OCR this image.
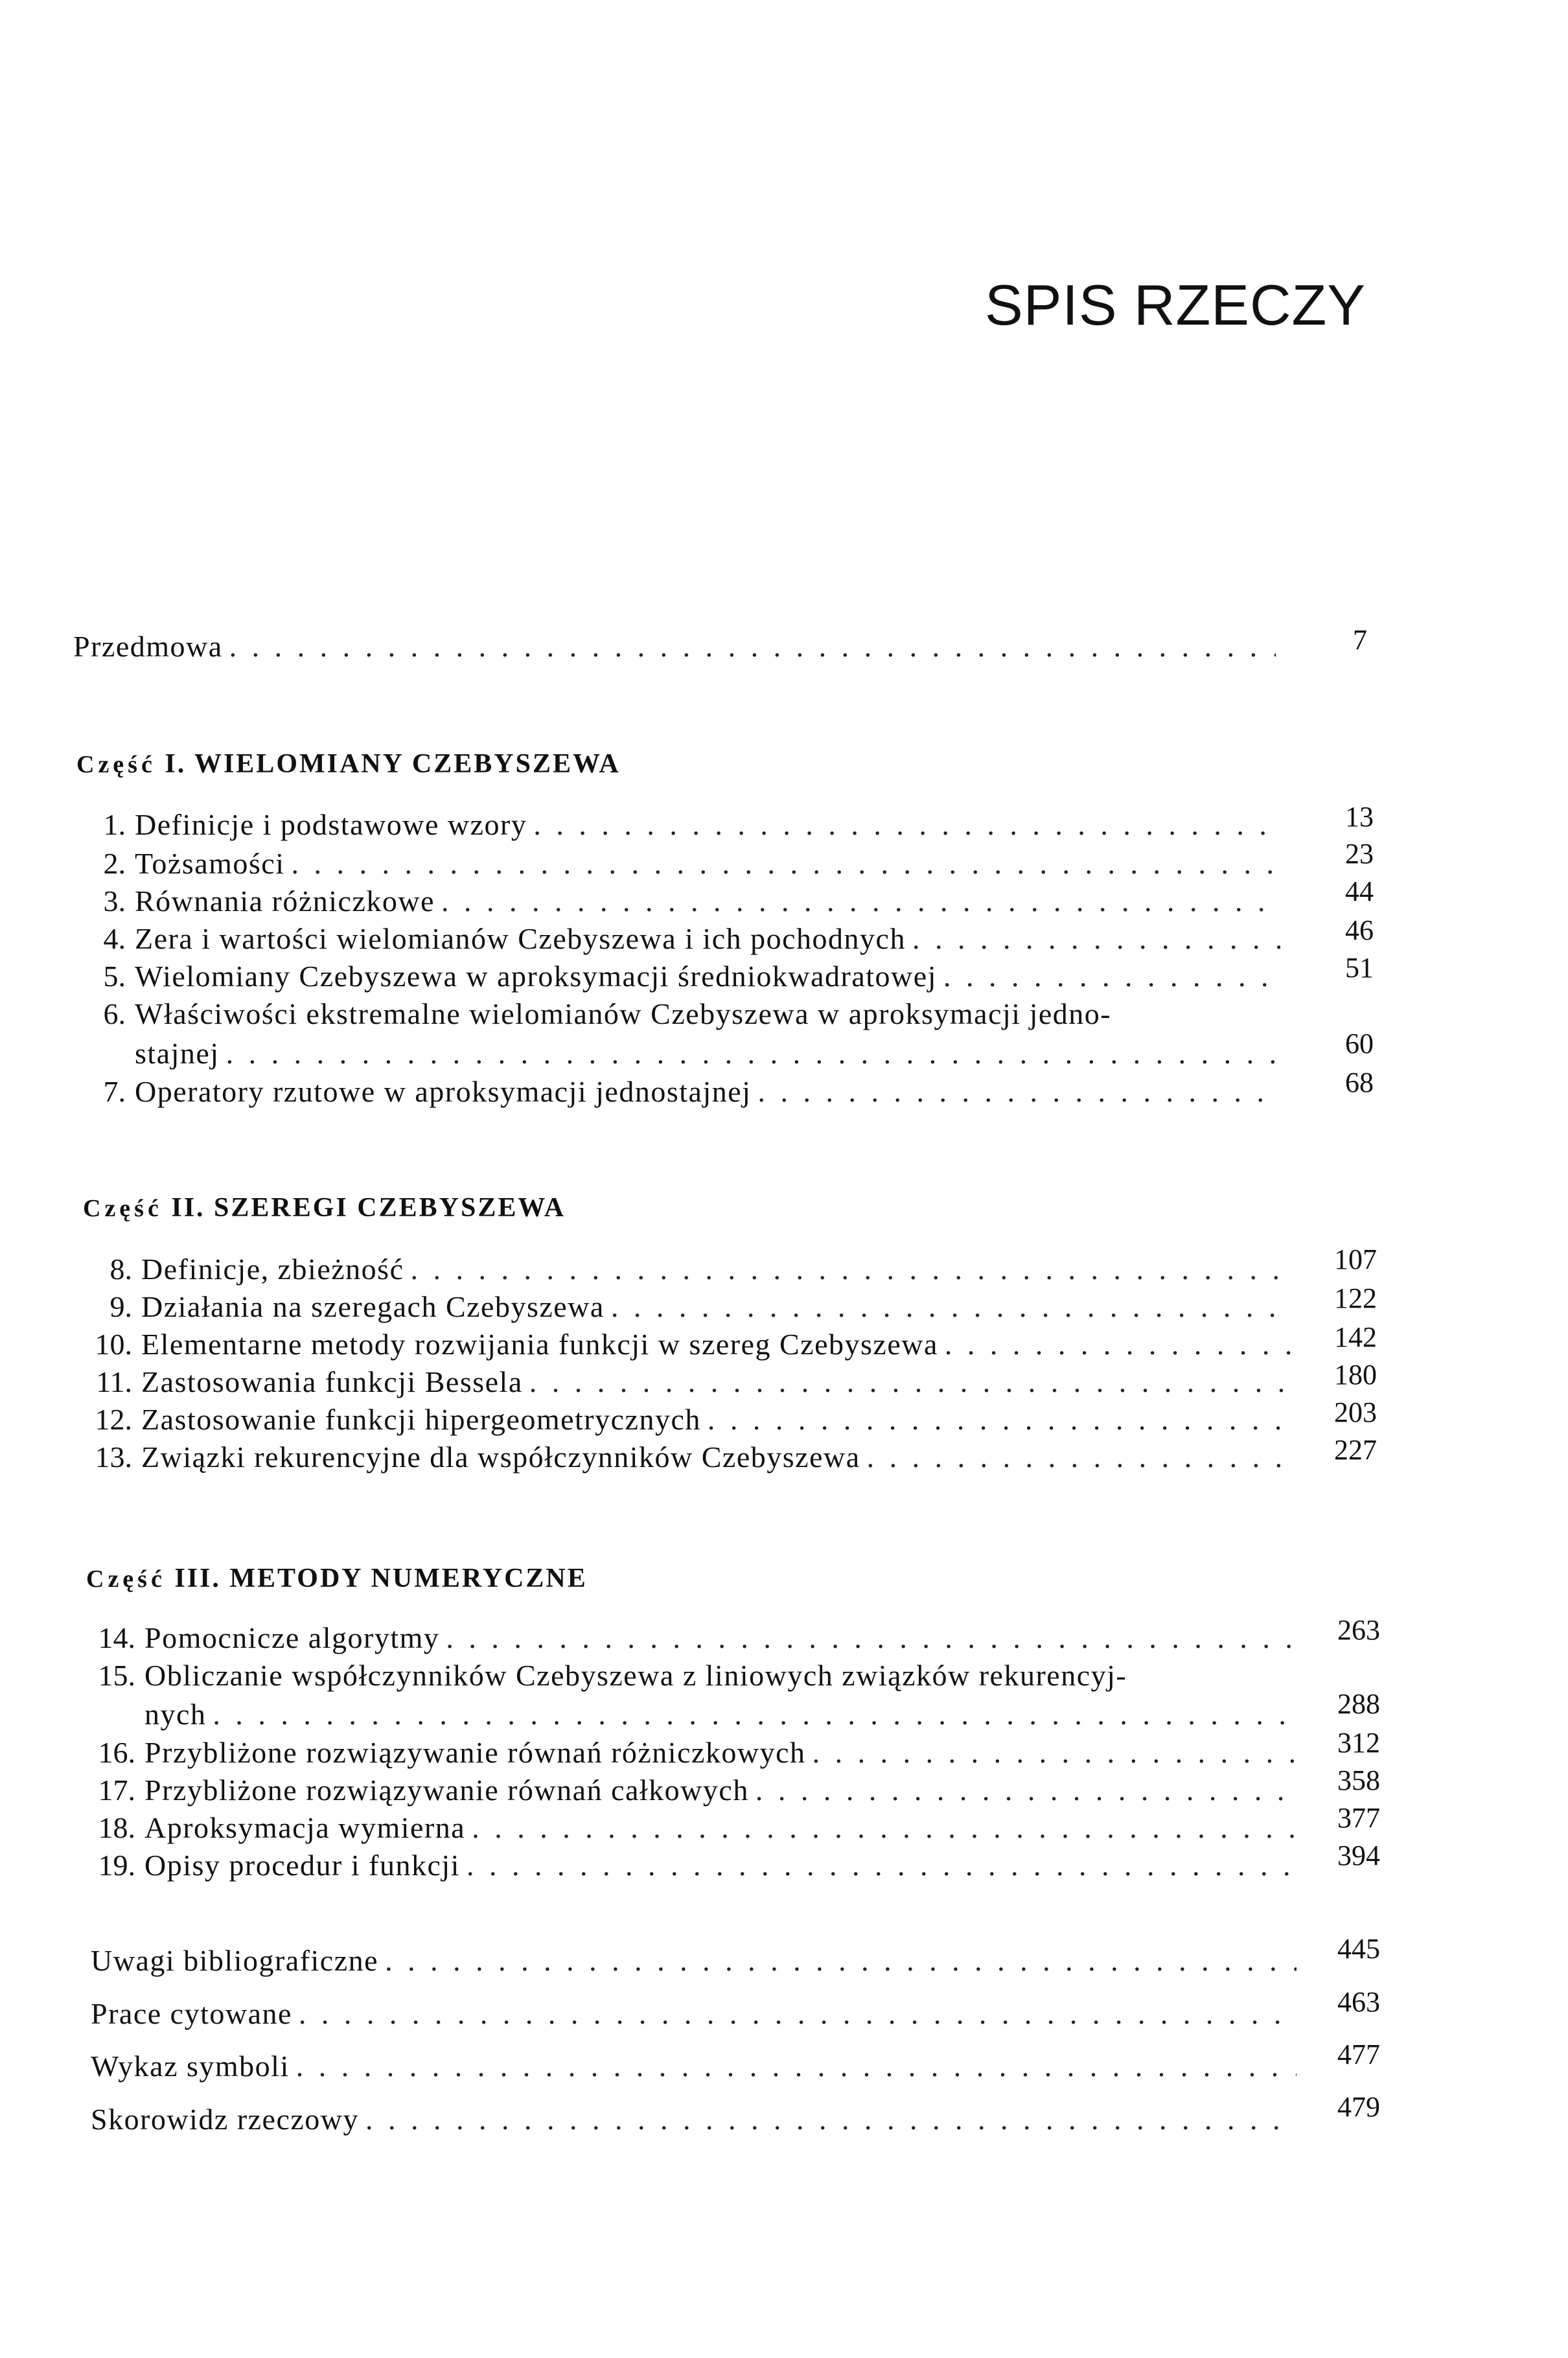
SPIS RZECZY
Przedmowa . . .	7
Część I. WIELOMIANY CZEBYSZEWA
1. Definicje i podstawowe wzory . . .	13
2. Tożsamości . . .	23
3. Równania różniczkowe . . .	44
4. Zera i wartości wielomianów Czebyszewa i ich pochodnych . . .	46
5. Wielomiany Czebyszewa w aproksymacji średniokwadratowej . . .	51
6. Właściwości ekstremalne wielomianów Czebyszewa w aproksymacji jedno-
stajnej . . .	60
7. Operatory rzutowe w aproksymacji jednostajnej . . .	68
Część II. SZEREGI CZEBYSZEWA
8. Definicje, zbieżność . . .	107
9. Działania na szeregach Czebyszewa . . .	122
10. Elementarne metody rozwijania funkcji w szereg Czebyszewa . . .	142
11. Zastosowania funkcji Bessela . . .	180
12. Zastosowanie funkcji hipergeometrycznych . . .	203
13. Związki rekurencyjne dla współczynników Czebyszewa . . .	227
Część III. METODY NUMERYCZNE
14. Pomocnicze algorytmy . . .	263
15. Obliczanie współczynników Czebyszewa z liniowych związków rekurencyj-
nych . . .	288
16. Przybliżone rozwiązywanie równań różniczkowych . . .	312
17. Przybliżone rozwiązywanie równań całkowych . . .	358
18. Aproksymacja wymierna . . .	377
19. Opisy procedur i funkcji . . .	394
Uwagi bibliograficzne . . .	445
Prace cytowane . . .	463
Wykaz symboli . . .	477
Skorowidz rzeczowy . . .	479
